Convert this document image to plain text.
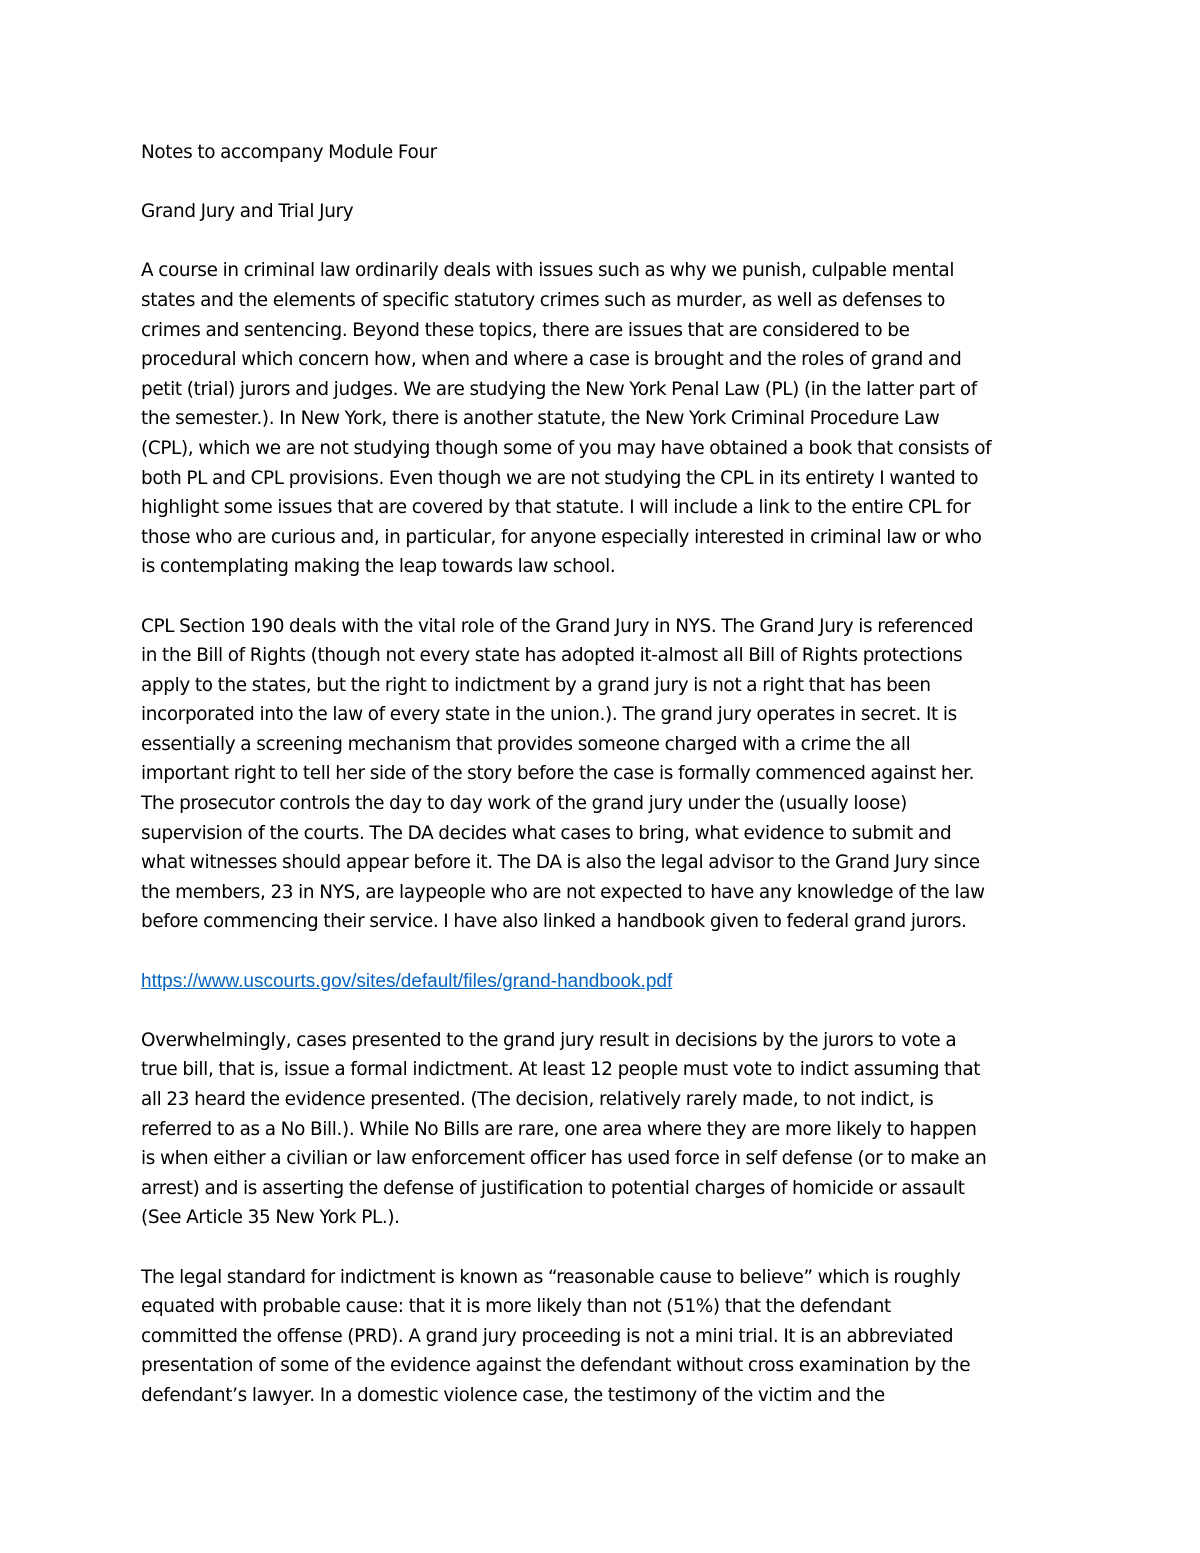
Notes to accompany Module Four
Grand Jury and Trial Jury
A course in criminal law ordinarily deals with issues such as why we punish, culpable mental
states and the elements of specific statutory crimes such as murder, as well as defenses to
crimes and sentencing. Beyond these topics, there are issues that are considered to be
procedural which concern how, when and where a case is brought and the roles of grand and
petit (trial) jurors and judges. We are studying the New York Penal Law (PL) (in the latter part of
the semester.). In New York, there is another statute, the New York Criminal Procedure Law
(CPL), which we are not studying though some of you may have obtained a book that consists of
both PL and CPL provisions. Even though we are not studying the CPL in its entirety I wanted to
highlight some issues that are covered by that statute. I will include a link to the entire CPL for
those who are curious and, in particular, for anyone especially interested in criminal law or who
is contemplating making the leap towards law school.
CPL Section 190 deals with the vital role of the Grand Jury in NYS. The Grand Jury is referenced
in the Bill of Rights (though not every state has adopted it-almost all Bill of Rights protections
apply to the states, but the right to indictment by a grand jury is not a right that has been
incorporated into the law of every state in the union.). The grand jury operates in secret. It is
essentially a screening mechanism that provides someone charged with a crime the all
important right to tell her side of the story before the case is formally commenced against her.
The prosecutor controls the day to day work of the grand jury under the (usually loose)
supervision of the courts. The DA decides what cases to bring, what evidence to submit and
what witnesses should appear before it. The DA is also the legal advisor to the Grand Jury since
the members, 23 in NYS, are laypeople who are not expected to have any knowledge of the law
before commencing their service. I have also linked a handbook given to federal grand jurors.
https://www.uscourts.gov/sites/default/files/grand-handbook.pdf
Overwhelmingly, cases presented to the grand jury result in decisions by the jurors to vote a
true bill, that is, issue a formal indictment. At least 12 people must vote to indict assuming that
all 23 heard the evidence presented. (The decision, relatively rarely made, to not indict, is
referred to as a No Bill.). While No Bills are rare, one area where they are more likely to happen
is when either a civilian or law enforcement officer has used force in self defense (or to make an
arrest) and is asserting the defense of justification to potential charges of homicide or assault
(See Article 35 New York PL.).
The legal standard for indictment is known as “reasonable cause to believe” which is roughly
equated with probable cause: that it is more likely than not (51%) that the defendant
committed the offense (PRD). A grand jury proceeding is not a mini trial. It is an abbreviated
presentation of some of the evidence against the defendant without cross examination by the
defendant’s lawyer. In a domestic violence case, the testimony of the victim and the
